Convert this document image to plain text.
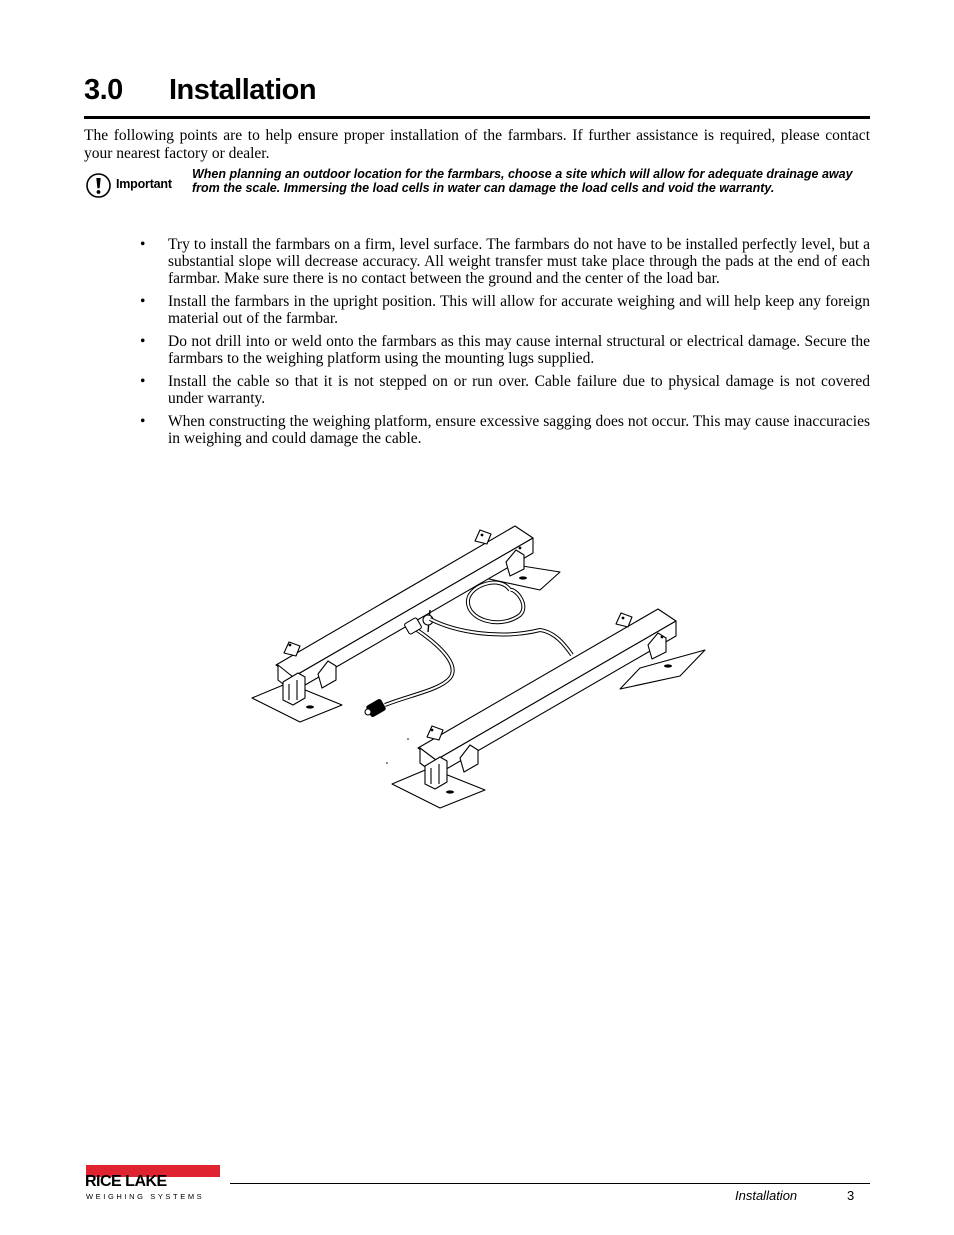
3.0 Installation

The following points are to help ensure proper installation of the farmbars. If further assistance is required, please contact your nearest factory or dealer.

Important
When planning an outdoor location for the farmbars, choose a site which will allow for adequate drainage away from the scale. Immersing the load cells in water can damage the load cells and void the warranty.
• Try to install the farmbars on a firm, level surface. The farmbars do not have to be installed perfectly level, but a substantial slope will decrease accuracy. All weight transfer must take place through the pads at the end of each farmbar. Make sure there is no contact between the ground and the center of the load bar.
• Install the farmbars in the upright position. This will allow for accurate weighing and will help keep any foreign material out of the farmbar.
• Do not drill into or weld onto the farmbars as this may cause internal structural or electrical damage. Secure the farmbars to the weighing platform using the mounting lugs supplied.
• Install the cable so that it is not stepped on or run over. Cable failure due to physical damage is not covered under warranty.
• When constructing the weighing platform, ensure excessive sagging does not occur. This may cause inaccuracies in weighing and could damage the cable.
RICE LAKE
WEIGHING SYSTEMS	Installation	3
